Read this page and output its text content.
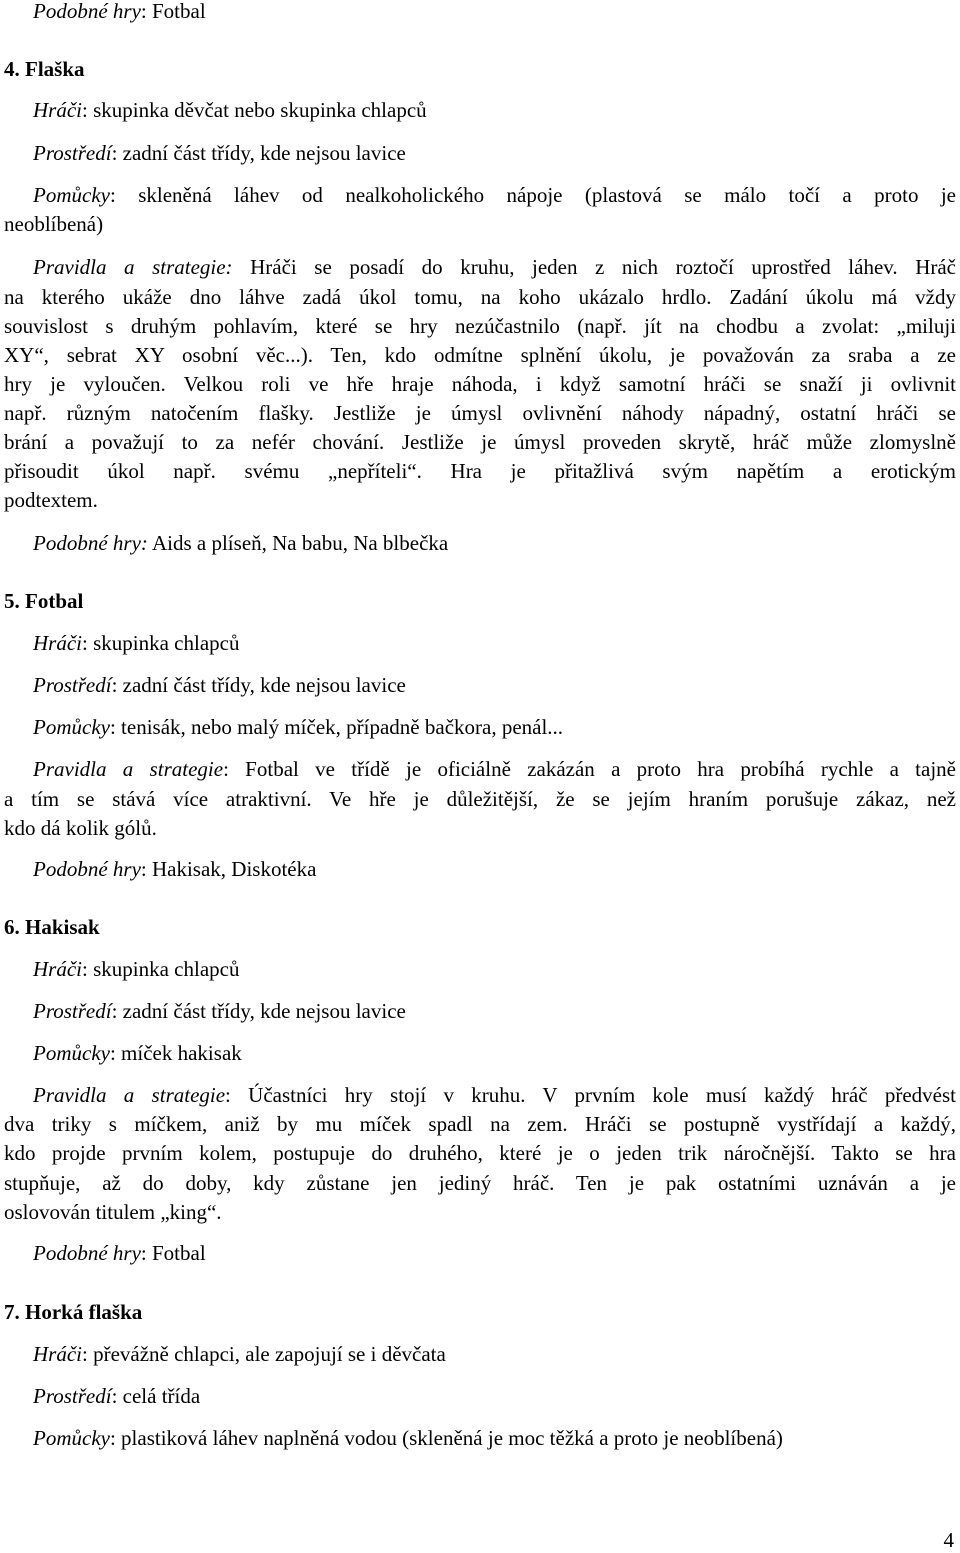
Podobné hry: Fotbal
4. Flaška
Hráči: skupinka děvčat nebo skupinka chlapců
Prostředí: zadní část třídy, kde nejsou lavice
Pomůcky: skleněná láhev od nealkoholického nápoje (plastová se málo točí a proto je
neoblíbená)
Pravidla a strategie: Hráči se posadí do kruhu, jeden z nich roztočí uprostřed láhev. Hráč
na kterého ukáže dno láhve zadá úkol tomu, na koho ukázalo hrdlo. Zadání úkolu má vždy
souvislost s druhým pohlavím, které se hry nezúčastnilo (např. jít na chodbu a zvolat: „miluji
XY“, sebrat XY osobní věc...). Ten, kdo odmítne splnění úkolu, je považován za sraba a ze
hry je vyloučen. Velkou roli ve hře hraje náhoda, i když samotní hráči se snaží ji ovlivnit
např. různým natočením flašky. Jestliže je úmysl ovlivnění náhody nápadný, ostatní hráči se
brání a považují to za nefér chování. Jestliže je úmysl proveden skrytě, hráč může zlomyslně
přisoudit úkol např. svému „nepříteli“. Hra je přitažlivá svým napětím a erotickým
podtextem.
Podobné hry: Aids a plíseň, Na babu, Na blbečka
5. Fotbal
Hráči: skupinka chlapců
Prostředí: zadní část třídy, kde nejsou lavice
Pomůcky: tenisák, nebo malý míček, případně bačkora, penál...
Pravidla a strategie: Fotbal ve třídě je oficiálně zakázán a proto hra probíhá rychle a tajně
a tím se stává více atraktivní. Ve hře je důležitější, že se jejím hraním porušuje zákaz, než
kdo dá kolik gólů.
Podobné hry: Hakisak, Diskotéka
6. Hakisak
Hráči: skupinka chlapců
Prostředí: zadní část třídy, kde nejsou lavice
Pomůcky: míček hakisak
Pravidla a strategie: Účastníci hry stojí v kruhu. V prvním kole musí každý hráč předvést
dva triky s míčkem, aniž by mu míček spadl na zem. Hráči se postupně vystřídají a každý,
kdo projde prvním kolem, postupuje do druhého, které je o jeden trik náročnější. Takto se hra
stupňuje, až do doby, kdy zůstane jen jediný hráč. Ten je pak ostatními uznáván a je
oslovován titulem „king“.
Podobné hry: Fotbal
7. Horká flaška
Hráči: převážně chlapci, ale zapojují se i děvčata
Prostředí: celá třída
Pomůcky: plastiková láhev naplněná vodou (skleněná je moc těžká a proto je neoblíbená)
4
